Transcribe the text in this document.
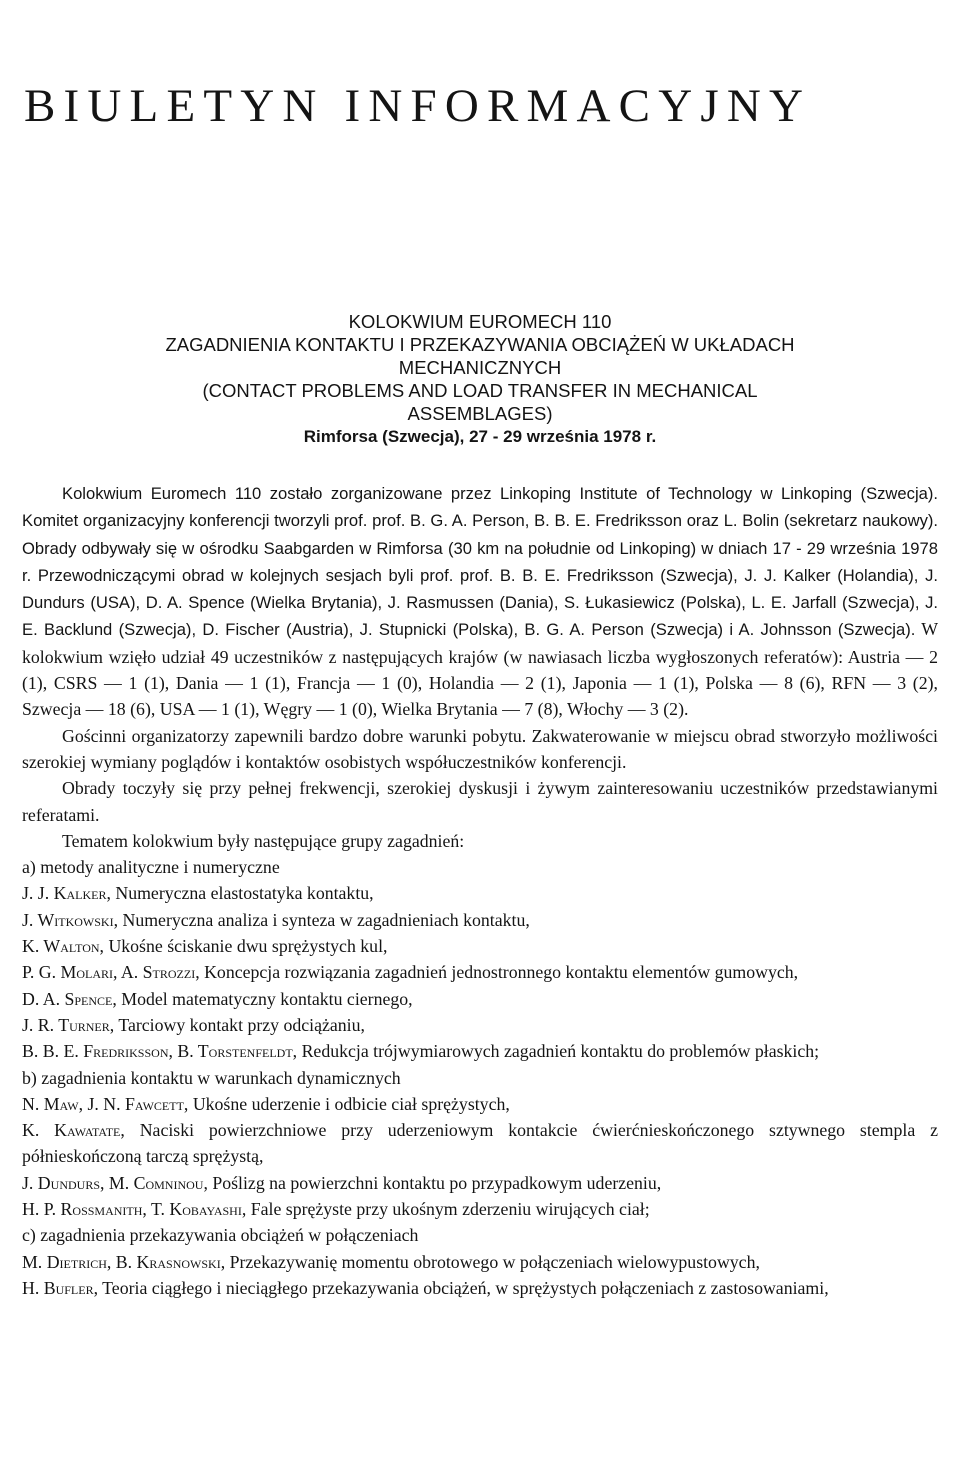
BIULETYN INFORMACYJNY
KOLOKWIUM EUROMECH 110
ZAGADNIENIA KONTAKTU I PRZEKAZYWANIA OBCIĄŻEŃ W UKŁADACH
MECHANICZNYCH
(CONTACT PROBLEMS AND LOAD TRANSFER IN MECHANICAL
ASSEMBLAGES)
Rimforsa (Szwecja), 27 - 29 września 1978 r.

Kolokwium Euromech 110 zostało zorganizowane przez Linkoping Institute of Technology w Linkoping (Szwecja). Komitet organizacyjny konferencji tworzyli prof. prof. B. G. A. Person, B. B. E. Fredriksson oraz L. Bolin (sekretarz naukowy). Obrady odbywały się w ośrodku Saabgarden w Rimforsa (30 km na południe od Linkoping) w dniach 17 - 29 września 1978 r. Przewodniczącymi obrad w kolejnych sesjach byli prof. prof. B. B. E. Fredriksson (Szwecja), J. J. Kalker (Holandia), J. Dundurs (USA), D. A. Spence (Wielka Brytania), J. Rasmussen (Dania), S. Łukasiewicz (Polska), L. E. Jarfall (Szwecja), J. E. Backlund (Szwecja), D. Fischer (Austria), J. Stupnicki (Polska), B. G. A. Person (Szwecja) i A. Johnsson (Szwecja). W kolokwium wzięło udział 49 uczestników z następujących krajów (w nawiasach liczba wygłoszonych referatów): Austria — 2 (1), CSRS — 1 (1), Dania — 1 (1), Francja — 1 (0), Holandia — 2 (1), Japonia — 1 (1), Polska — 8 (6), RFN — 3 (2), Szwecja — 18 (6), USA — 1 (1), Węgry — 1 (0), Wielka Brytania — 7 (8), Włochy — 3 (2).

Gościnni organizatorzy zapewnili bardzo dobre warunki pobytu. Zakwaterowanie w miejscu obrad stworzyło możliwości szerokiej wymiany poglądów i kontaktów osobistych współuczestników konferencji.

Obrady toczyły się przy pełnej frekwencji, szerokiej dyskusji i żywym zainteresowaniu uczestników przedstawianymi referatami.

Tematem kolokwium były następujące grupy zagadnień:

a) metody analityczne i numeryczne

J. J. Kalker, Numeryczna elastostatyka kontaktu,

J. Witkowski, Numeryczna analiza i synteza w zagadnieniach kontaktu,

K. Walton, Ukośne ściskanie dwu sprężystych kul,

P. G. Molari, A. Strozzi, Koncepcja rozwiązania zagadnień jednostronnego kontaktu elementów gumowych,

D. A. Spence, Model matematyczny kontaktu ciernego,

J. R. Turner, Tarciowy kontakt przy odciążaniu,

B. B. E. Fredriksson, B. Torstenfeldt, Redukcja trójwymiarowych zagadnień kontaktu do problemów płaskich;

b) zagadnienia kontaktu w warunkach dynamicznych

N. Maw, J. N. Fawcett, Ukośne uderzenie i odbicie ciał sprężystych,

K. Kawatate, Naciski powierzchniowe przy uderzeniowym kontakcie ćwierćnieskończonego sztywnego stempla z półnieskończoną tarczą sprężystą,

J. Dundurs, M. Comninou, Poślizg na powierzchni kontaktu po przypadkowym uderzeniu,

H. P. Rossmanith, T. Kobayashi, Fale sprężyste przy ukośnym zderzeniu wirujących ciał;

c) zagadnienia przekazywania obciążeń w połączeniach

M. Dietrich, B. Krasnowski, Przekazywanię momentu obrotowego w połączeniach wielowypustowych,

H. Bufler, Teoria ciągłego i nieciągłego przekazywania obciążeń, w sprężystych połączeniach z zastosowaniami,
